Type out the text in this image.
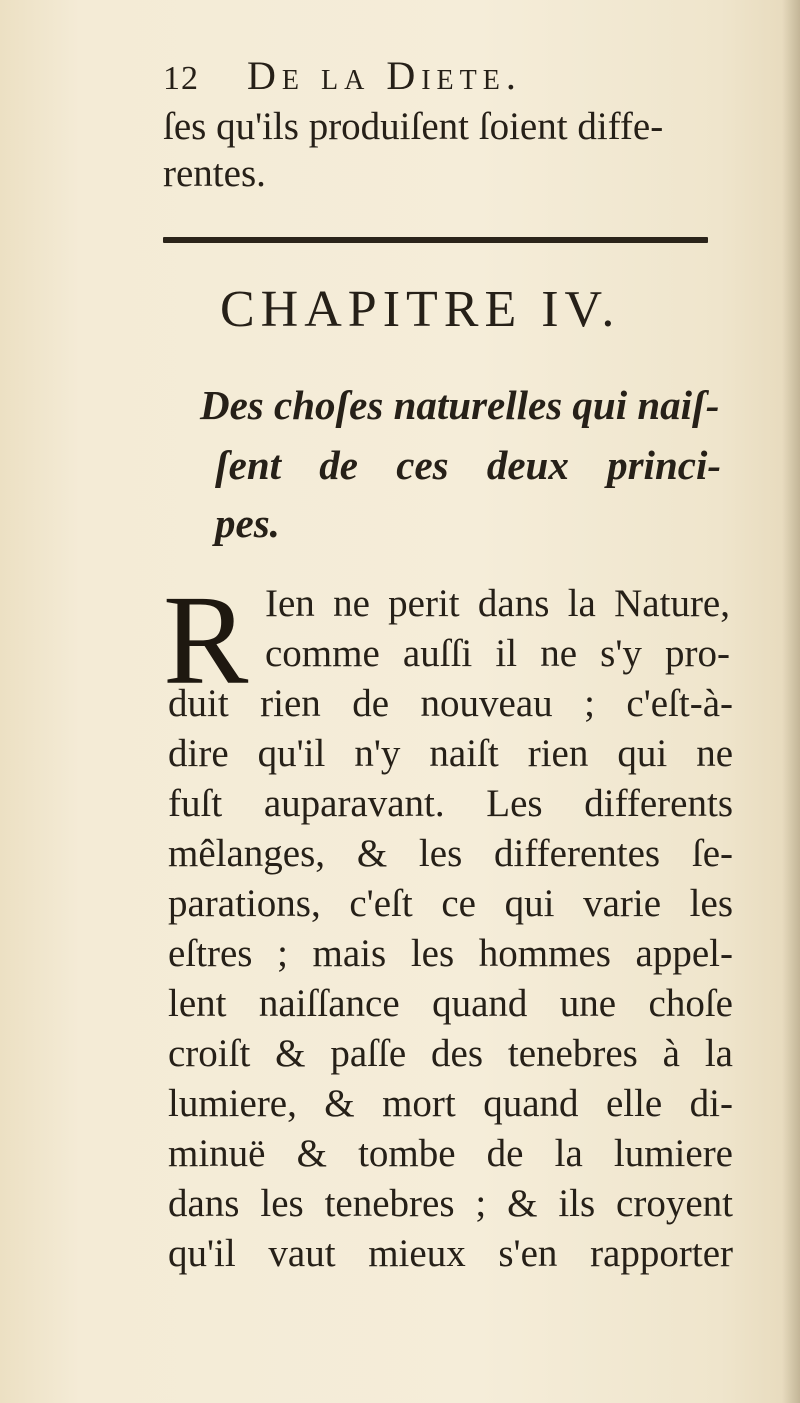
12 De la Diete.
ſes qu'ils produiſent ſoient diffe-
rentes.
CHAPITRE IV.
Des choſes naturelles qui naiſ-
ſent de ces deux princi-
pes.
R Ien ne perit dans la Nature,
comme auſſi il ne s'y pro-
duit rien de nouveau ; c'eſt-à-
dire qu'il n'y naiſt rien qui ne
fuſt auparavant. Les differents
mêlanges, & les differentes ſe-
parations, c'eſt ce qui varie les
eſtres ; mais les hommes appel-
lent naiſſance quand une choſe
croiſt & paſſe des tenebres à la
lumiere, & mort quand elle di-
minuë & tombe de la lumiere
dans les tenebres ; & ils croyent
qu'il vaut mieux s'en rapporter
